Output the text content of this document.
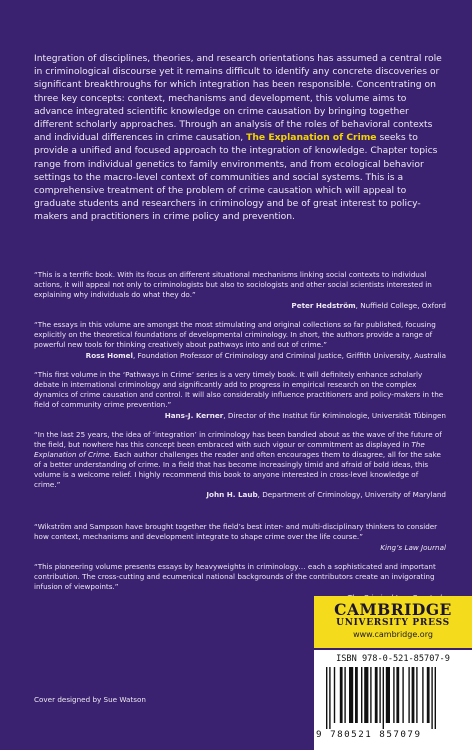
Integration of disciplines, theories, and research orientations has assumed a central role in criminological discourse yet it remains difficult to identify any concrete discoveries or significant breakthroughs for which integration has been responsible. Concentrating on three key concepts: context, mechanisms and development, this volume aims to advance integrated scientific knowledge on crime causation by bringing together different scholarly approaches. Through an analysis of the roles of behavioral contexts and individual differences in crime causation, The Explanation of Crime seeks to provide a unified and focused approach to the integration of knowledge. Chapter topics range from individual genetics to family environments, and from ecological behavior settings to the macro-level context of communities and social systems. This is a comprehensive treatment of the problem of crime causation which will appeal to graduate students and researchers in criminology and be of great interest to policy-makers and practitioners in crime policy and prevention.

“This is a terrific book. With its focus on different situational mechanisms linking social contexts to individual actions, it will appeal not only to criminologists but also to sociologists and other social scientists interested in explaining why individuals do what they do.”
Peter Hedström, Nuffield College, Oxford
“The essays in this volume are amongst the most stimulating and original collections so far published, focusing explicitly on the theoretical foundations of developmental criminology. In short, the authors provide a range of powerful new tools for thinking creatively about pathways into and out of crime.”
Ross Homel, Foundation Professor of Criminology and Criminal Justice, Griffith University, Australia
“This first volume in the ‘Pathways in Crime’ series is a very timely book. It will definitely enhance scholarly debate in international criminology and significantly add to progress in empirical research on the complex dynamics of crime causation and control. It will also considerably influence practitioners and policy-makers in the field of community crime prevention.”
Hans-J. Kerner, Director of the Institut für Kriminologie, Universität Tübingen
“In the last 25 years, the idea of ‘integration’ in criminology has been bandied about as the wave of the future of the field, but nowhere has this concept been embraced with such vigour or commitment as displayed in The Explanation of Crime. Each author challenges the reader and often encourages them to disagree, all for the sake of a better understanding of crime. In a field that has become increasingly timid and afraid of bold ideas, this volume is a welcome relief. I highly recommend this book to anyone interested in cross-level knowledge of crime.”
John H. Laub, Department of Criminology, University of Maryland
“Wikström and Sampson have brought together the field’s best inter- and multi-disciplinary thinkers to consider how context, mechanisms and development integrate to shape crime over the life course.”
King’s Law Journal
“This pioneering volume presents essays by heavyweights in criminology… each a sophisticated and important contribution. The cross-cutting and ecumenical national backgrounds of the contributors create an invigorating infusion of viewpoints.”
CAMBRIDGE
UNIVERSITY PRESS
www.cambridge.org
ISBN 978-0-521-85707-9
9 780521 857079
Cover designed by Sue Watson
